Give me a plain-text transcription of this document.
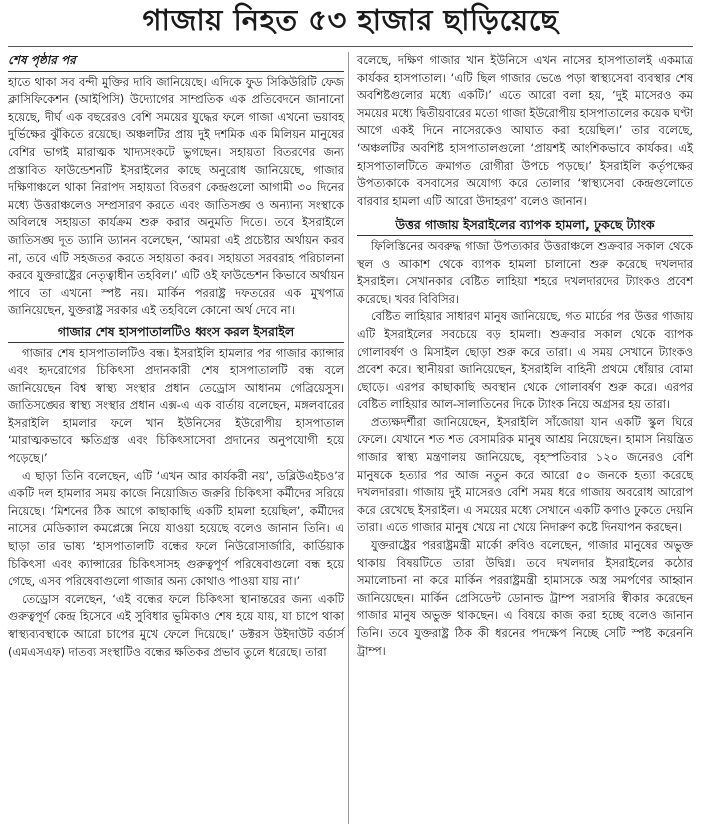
গাজায় নিহত ৫৩ হাজার ছাড়িয়েছে
শেষ পৃষ্ঠার পর

হাতে থাকা সব বন্দী মুক্তির দাবি জানিয়েছে। এদিকে ফুড সিকিউরিটি ফেজ ক্লাসিফিকেশন (আইপিসি) উদ্যোগের সাম্প্রতিক এক প্রতিবেদনে জানানো হয়েছে, দীর্ঘ এক বছরেরও বেশি সময়ের যুদ্ধের ফলে গাজা এখনো ভয়াবহ দুর্ভিক্ষের ঝুঁকিতে রয়েছে। অঞ্চলটির প্রায় দুই দশমিক এক মিলিয়ন মানুষের বেশির ভাগই মারাত্মক খাদ্যসংকটে ভুগছেন। সহায়তা বিতরণের জন্য প্রস্তাবিত ফাউন্ডেশনটি ইসরাইলের কাছে অনুরোধ জানিয়েছে, গাজার দক্ষিণাঞ্চলে থাকা নিরাপদ সহায়তা বিতরণ কেন্দ্রগুলো আগামী ৩০ দিনের মধ্যে উত্তরাঞ্চলেও সম্প্রসারণ করতে এবং জাতিসঙ্ঘ ও অন্যান্য সংস্থাকে অবিলম্বে সহায়তা কার্যক্রম শুরু করার অনুমতি দিতে। তবে ইসরাইলে জাতিসঙ্ঘ দূত ড্যানি ড্যানন বলেছেন, ‘আমরা এই প্রচেষ্টার অর্থায়ন করব না, তবে এটি সহজতর করতে সহায়তা করব। সহায়তা সরবরাহ পরিচালনা করবে যুক্তরাষ্ট্রের নেতৃত্বাধীন তহবিল।’ এটি ওই ফাউন্ডেশন কিভাবে অর্থায়ন পাবে তা এখনো স্পষ্ট নয়। মার্কিন পররাষ্ট্র দফতরের এক মুখপাত্র জানিয়েছেন, যুক্তরাষ্ট্র সরকার এই তহবিলে কোনো অর্থ দেবে না।

গাজার শেষ হাসপাতালটিও ধ্বংস করল ইসরাইল

গাজার শেষ হাসপাতালটিও বন্ধ। ইসরাইলি হামলার পর গাজার ক্যান্সার এবং হৃদরোগের চিকিৎসা প্রদানকারী শেষ হাসপাতালটি বন্ধ বলে জানিয়েছেন বিশ্ব স্বাস্থ্য সংস্থার প্রধান তেড্রোস আধানম গেব্রিয়েসুস। জাতিসঙ্ঘের স্বাস্থ্য সংস্থার প্রধান এক্স-এ এক বার্তায় বলেছেন, মঙ্গলবারের ইসরাইলি হামলার ফলে খান ইউনিসের ইউরোপীয় হাসপাতাল ‘মারাত্মকভাবে ক্ষতিগ্রস্ত এবং চিকিৎসাসেবা প্রদানের অনুপযোগী হয়ে পড়েছে।’

এ ছাড়া তিনি বলেছেন, এটি ‘এখন আর কার্যকরী নয়’, ডব্লিউএইচও’র একটি দল হামলার সময় কাজে নিয়োজিত জরুরি চিকিৎসা কর্মীদের সরিয়ে নিয়েছে। ‘মিশনের ঠিক আগে কাছাকাছি একটি হামলা হয়েছিল’, কর্মীদের নাসের মেডিক্যাল কমপ্লেক্সে নিয়ে যাওয়া হয়েছে বলেও জানান তিনি। এ ছাড়া তার ভাষ্য ‘হাসপাতালটি বন্ধের ফলে নিউরোসার্জারি, কার্ডিয়াক চিকিৎসা এবং ক্যান্সারের চিকিৎসাসহ গুরুত্বপূর্ণ পরিষেবাগুলো বন্ধ হয়ে গেছে, এসব পরিষেবাগুলো গাজার অন্য কোথাও পাওয়া যায় না।’

তেড্রোস বলেছেন, ‘এই বন্ধের ফলে চিকিৎসা স্থানান্তরের জন্য একটি গুরুত্বপূর্ণ কেন্দ্র হিসেবে এই সুবিধার ভূমিকাও শেষ হয়ে যায়, যা চাপে থাকা স্বাস্থ্যব্যবস্থাকে আরো চাপের মুখে ফেলে দিয়েছে।’ ডক্টরস উইদাউট বর্ডার্স (এমএসএফ) দাতব্য সংস্থাটিও বন্ধের ক্ষতিকর প্রভাব তুলে ধরেছে। তারা

বলেছে, দক্ষিণ গাজার খান ইউনিসে এখন নাসের হাসপাতালই একমাত্র কার্যকর হাসপাতাল। ‘এটি ছিল গাজার ভেঙে পড়া স্বাস্থ্যসেবা ব্যবস্থার শেষ অবশিষ্টগুলোর মধ্যে একটি।’ এতে আরো বলা হয়, ‘দুই মাসেরও কম সময়ের মধ্যে দ্বিতীয়বারের মতো গাজা ইউরোপীয় হাসপাতালের কয়েক ঘণ্টা আগে একই দিনে নাসেরকেও আঘাত করা হয়েছিল।’ তার বলেছে, ‘অঞ্চলটির অবশিষ্ট হাসপাতালগুলো ‘প্রায়শই আংশিকভাবে কার্যকর। এই হাসপাতালটিতে ক্রমাগত রোগীরা উপচে পড়ছে।’ ইসরাইলি কর্তৃপক্ষের উপত্যকাকে বসবাসের অযোগ্য করে তোলার ‘স্বাস্থ্যসেবা কেন্দ্রগুলোতে বারবার হামলা এটি আরো উদাহরণ’ বলেও জানান।

উত্তর গাজায় ইসরাইলের ব্যাপক হামলা, ঢুকছে ট্যাংক

ফিলিস্তিনের অবরুদ্ধ গাজা উপত্যকার উত্তরাঞ্চলে শুক্রবার সকাল থেকে স্থল ও আকাশ থেকে ব্যাপক হামলা চালানো শুরু করেছে দখলদার ইসরাইল। সেখানকার বেষ্টিত লাহিয়া শহরে দখলদারদের ট্যাংকও প্রবেশ করেছে। খবর বিবিসির।

বেষ্টিত লাহিয়ার সাধারণ মানুষ জানিয়েছে, গত মার্চের পর উত্তর গাজায় এটি ইসরাইলের সবচেয়ে বড় হামলা। শুক্রবার সকাল থেকে ব্যাপক গোলাবর্ষণ ও মিসাইল ছোড়া শুরু করে তারা। এ সময় সেখানে ট্যাংকও প্রবেশ করে। স্থানীয়রা জানিয়েছেন, ইসরাইলি বাহিনী প্রথমে ধোঁয়ার বোমা ছোড়ে। এরপর কাছাকাছি অবস্থান থেকে গোলাবর্ষণ শুরু করে। এরপর বেষ্টিত লাহিয়ার আল-সালাতিনের দিকে ট্যাংক নিয়ে অগ্রসর হয় তারা।

প্রত্যক্ষদর্শীরা জানিয়েছেন, ইসরাইলি সাঁজোয়া যান একটি স্কুল ঘিরে ফেলে। যেখানে শত শত বেসামরিক মানুষ আশ্রয় নিয়েছেন। হামাস নিয়ন্ত্রিত গাজার স্বাস্থ্য মন্ত্রণালয় জানিয়েছে, বৃহস্পতিবার ১২০ জনেরও বেশি মানুষকে হত্যার পর আজ নতুন করে আরো ৫০ জনকে হত্যা করেছে দখলদাররা। গাজায় দুই মাসেরও বেশি সময় ধরে গাজায় অবরোধ আরোপ করে রেখেছে ইসরাইল। এ সময়ের মধ্যে সেখানে একটি কণাও ঢুকতে দেয়নি তারা। এতে গাজার মানুষ খেয়ে না খেয়ে নিদারুণ কষ্টে দিনযাপন করছেন।

যুক্তরাষ্ট্রের পররাষ্ট্রমন্ত্রী মার্কো রুবিও বলেছেন, গাজার মানুষের অভুক্ত থাকায় বিষয়টিতে তারা উদ্বিগ্ন। তবে দখলদার ইসরাইলের কঠোর সমালোচনা না করে মার্কিন পররাষ্ট্রমন্ত্রী হামাসকে অস্ত্র সমর্পণের আহ্বান জানিয়েছেন। মার্কিন প্রেসিডেন্ট ডোনাল্ড ট্রাম্প সরাসরি স্বীকার করেছেন গাজার মানুষ অভুক্ত থাকছেন। এ বিষয়ে কাজ করা হচ্ছে বলেও জানান তিনি। তবে যুক্তরাষ্ট্র ঠিক কী ধরনের পদক্ষেপ নিচ্ছে সেটি স্পষ্ট করেননি ট্রাম্প।
